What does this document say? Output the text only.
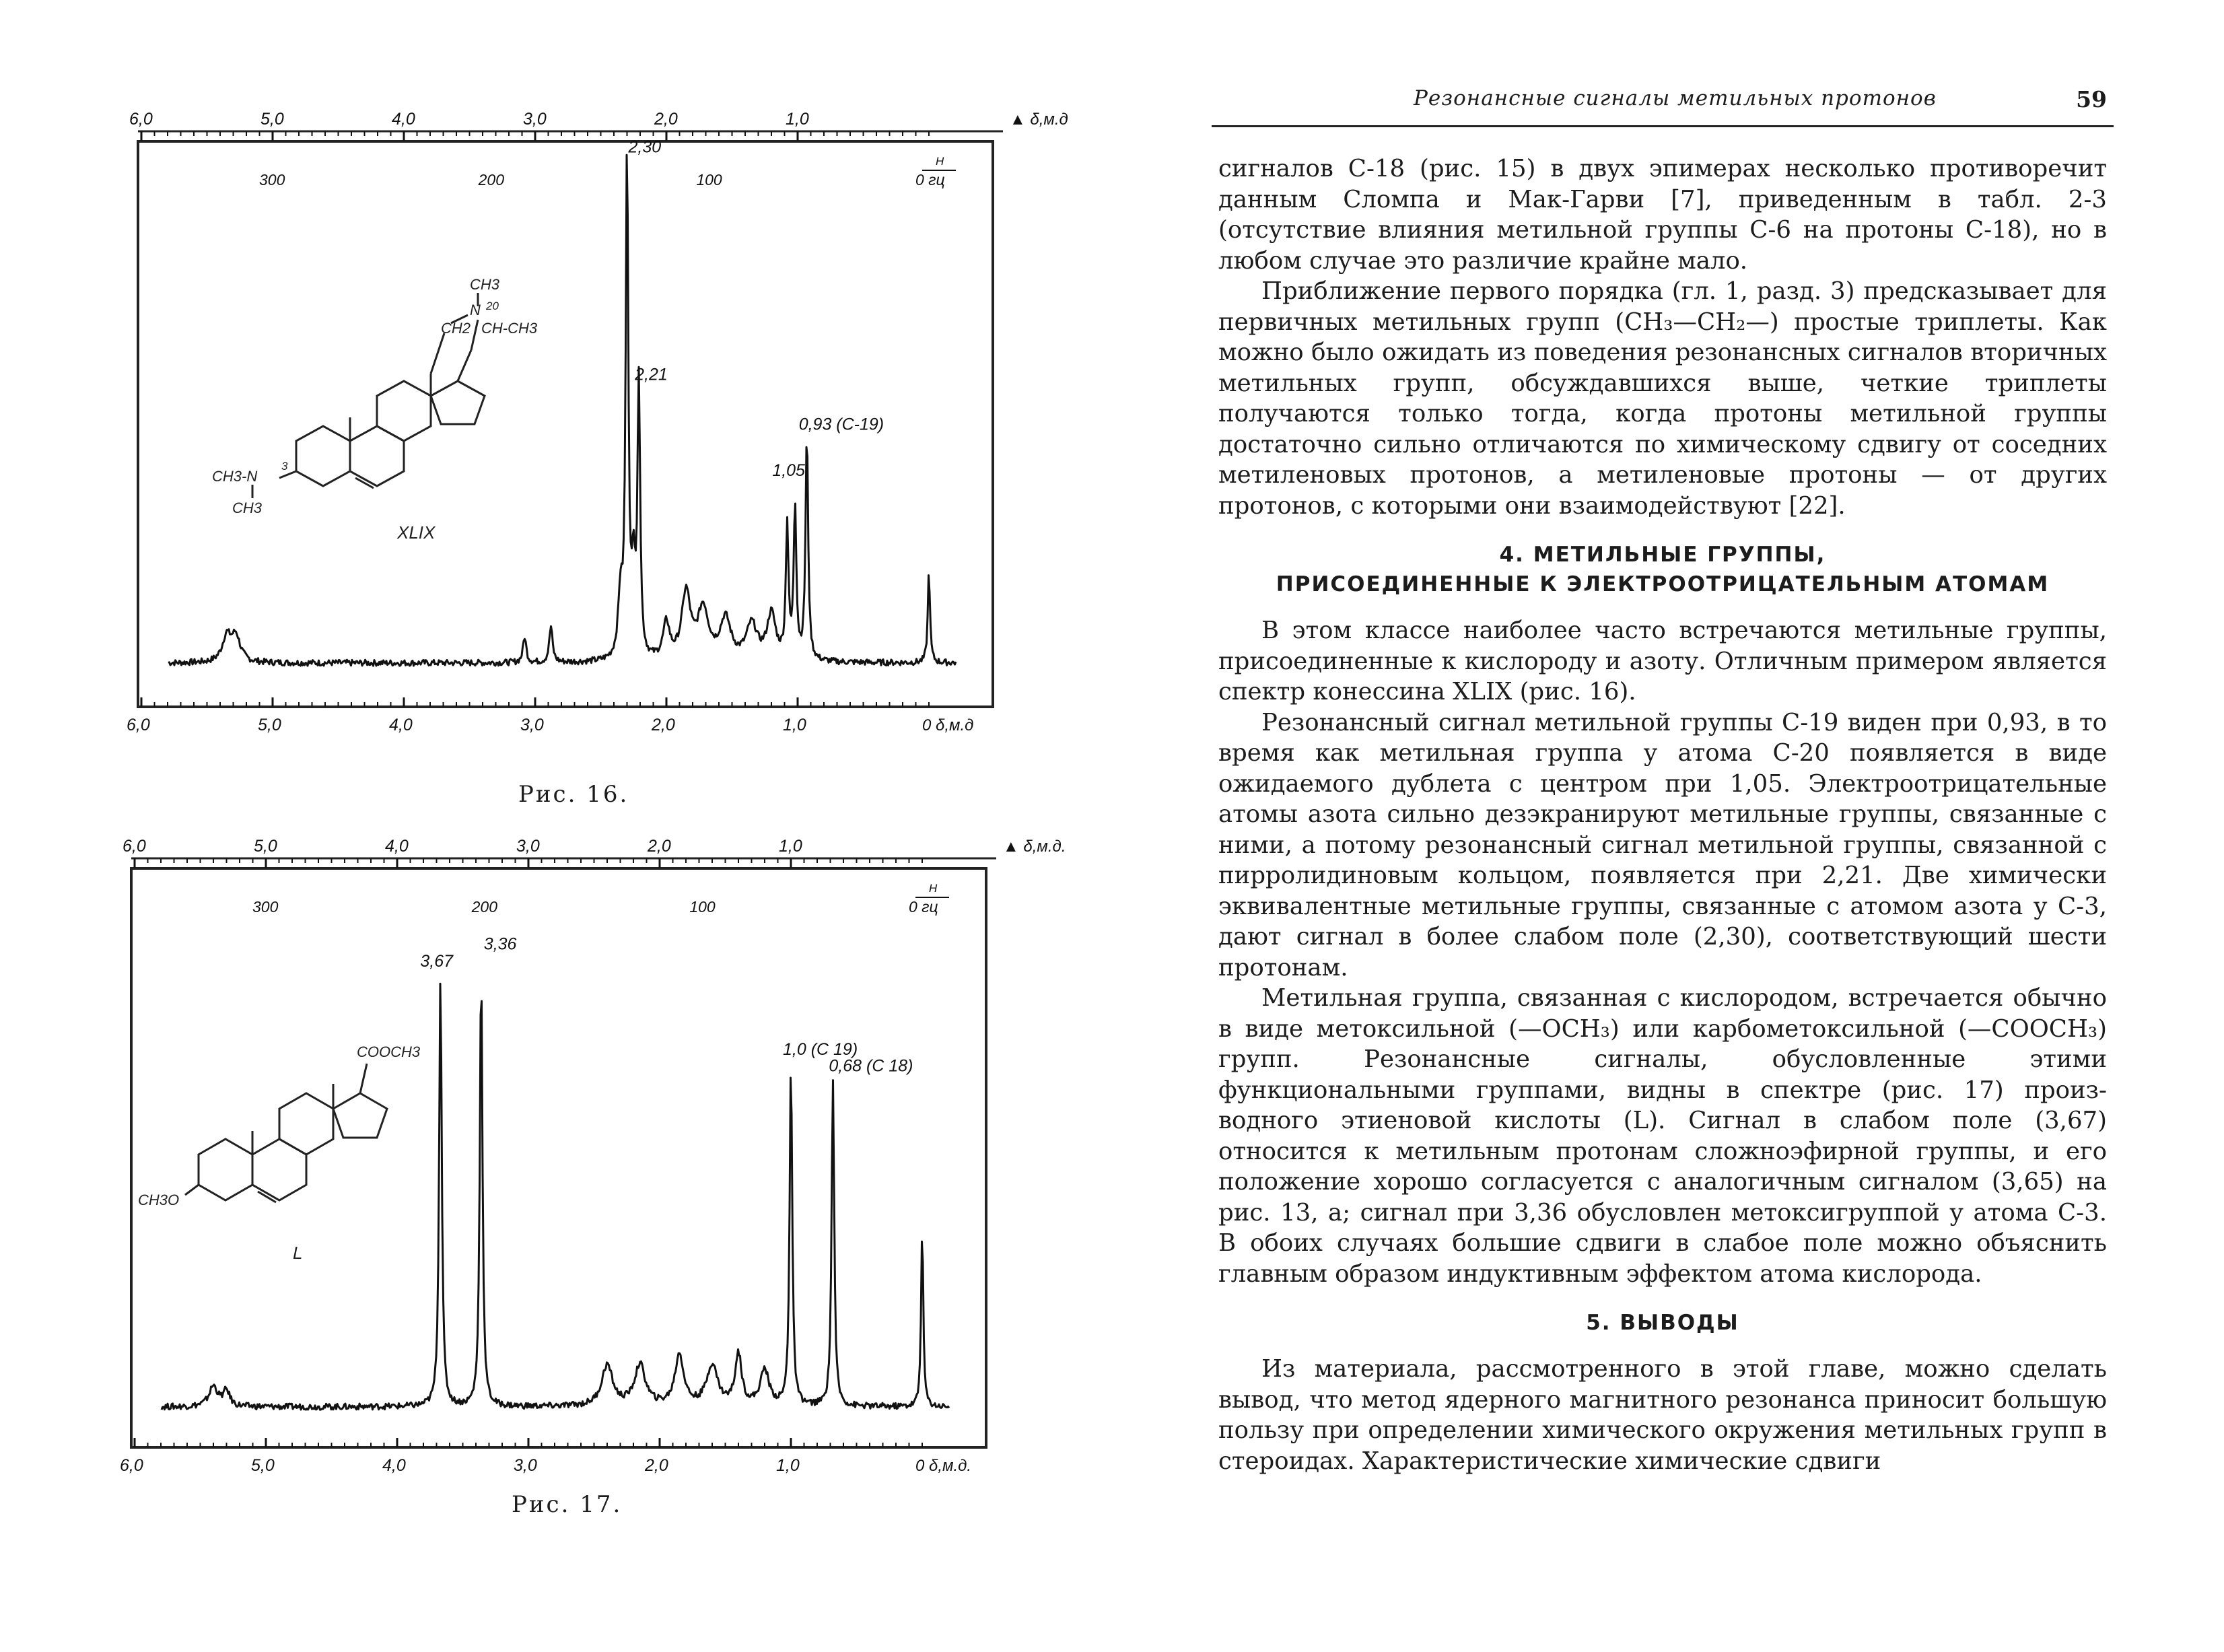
6,0
6,0
5,0
5,0
4,0
4,0
3,0
3,0
2,0
2,0
1,0
1,0
▲ δ,м.д
0 δ,м.д
300	200	100	0 гц
H
CH3
N 20
CH2 CH-CH3
CH3-N
3
CH3
XLIX
2,30
2,21
1,05
0,93 (C-19)
Рис. 16.
6,0
6,0
5,0
5,0
4,0
4,0
3,0
3,0
2,0
2,0
1,0
1,0
▲ δ,м.д.
0 δ,м.д.
300	200	100	0 гц
H
COOCH3
CH3O
L
3,67
3,36
1,0 (C 19)
0,68 (C 18)
Рис. 17.
Резонансные сигналы метильных протонов	59

сигналов C-18 (рис. 15) в двух эпимерах несколько противоречит данным Сломпа и Мак-Гарви [7], приведенным в табл. 2-3 (отсутствие влияния метильной группы C-6 на протоны C-18), но в любом случае это различие крайне мало.

Приближение первого порядка (гл. 1, разд. 3) предсказывает для первичных метильных групп (CH₃—CH₂—) простые триплеты. Как можно было ожидать из поведения резонансных сигналов вторичных метильных групп, обсуждавшихся выше, четкие триплеты получаются только тогда, когда протоны метильной группы достаточно сильно отличаются по химическому сдвигу от соседних метиленовых протонов, а метиленовые протоны — от других протонов, с которыми они взаимодействуют [22].

4. МЕТИЛЬНЫЕ ГРУППЫ,
ПРИСОЕДИНЕННЫЕ К ЭЛЕКТРООТРИЦАТЕЛЬНЫМ АТОМАМ

В этом классе наиболее часто встречаются метильные группы, присоединенные к кислороду и азоту. Отличным примером является спектр конессина XLIX (рис. 16).

Резонансный сигнал метильной группы C-19 виден при 0,93, в то время как метильная группа у атома C-20 появляется в виде ожидаемого дублета с центром при 1,05. Электроотрицательные атомы азота сильно дезэкранируют метильные группы, связанные с ними, а потому резонансный сигнал метильной группы, связанной с пирролидиновым кольцом, появляется при 2,21. Две химически эквивалентные метильные группы, связанные с атомом азота у C-3, дают сигнал в более слабом поле (2,30), соответствующий шести протонам.

Метильная группа, связанная с кислородом, встречается обычно в виде метоксильной (—OCH₃) или карбометоксильной (—COOCH₃) групп. Резонансные сигналы, обусловленные этими функциональными группами, видны в спектре (рис. 17) производного этиеновой кислоты (L). Сигнал в слабом поле (3,67) относится к метильным протонам сложноэфирной группы, и его положение хорошо согласуется с аналогичным сигналом (3,65) на рис. 13, а; сигнал при 3,36 обусловлен метоксигруппой у атома C-3. В обоих случаях большие сдвиги в слабое поле можно объяснить главным образом индуктивным эффектом атома кислорода.

5. ВЫВОДЫ

Из материала, рассмотренного в этой главе, можно сделать вывод, что метод ядерного магнитного резонанса приносит большую пользу при определении химического окружения метильных групп в стероидах. Характеристические химические сдвиги
